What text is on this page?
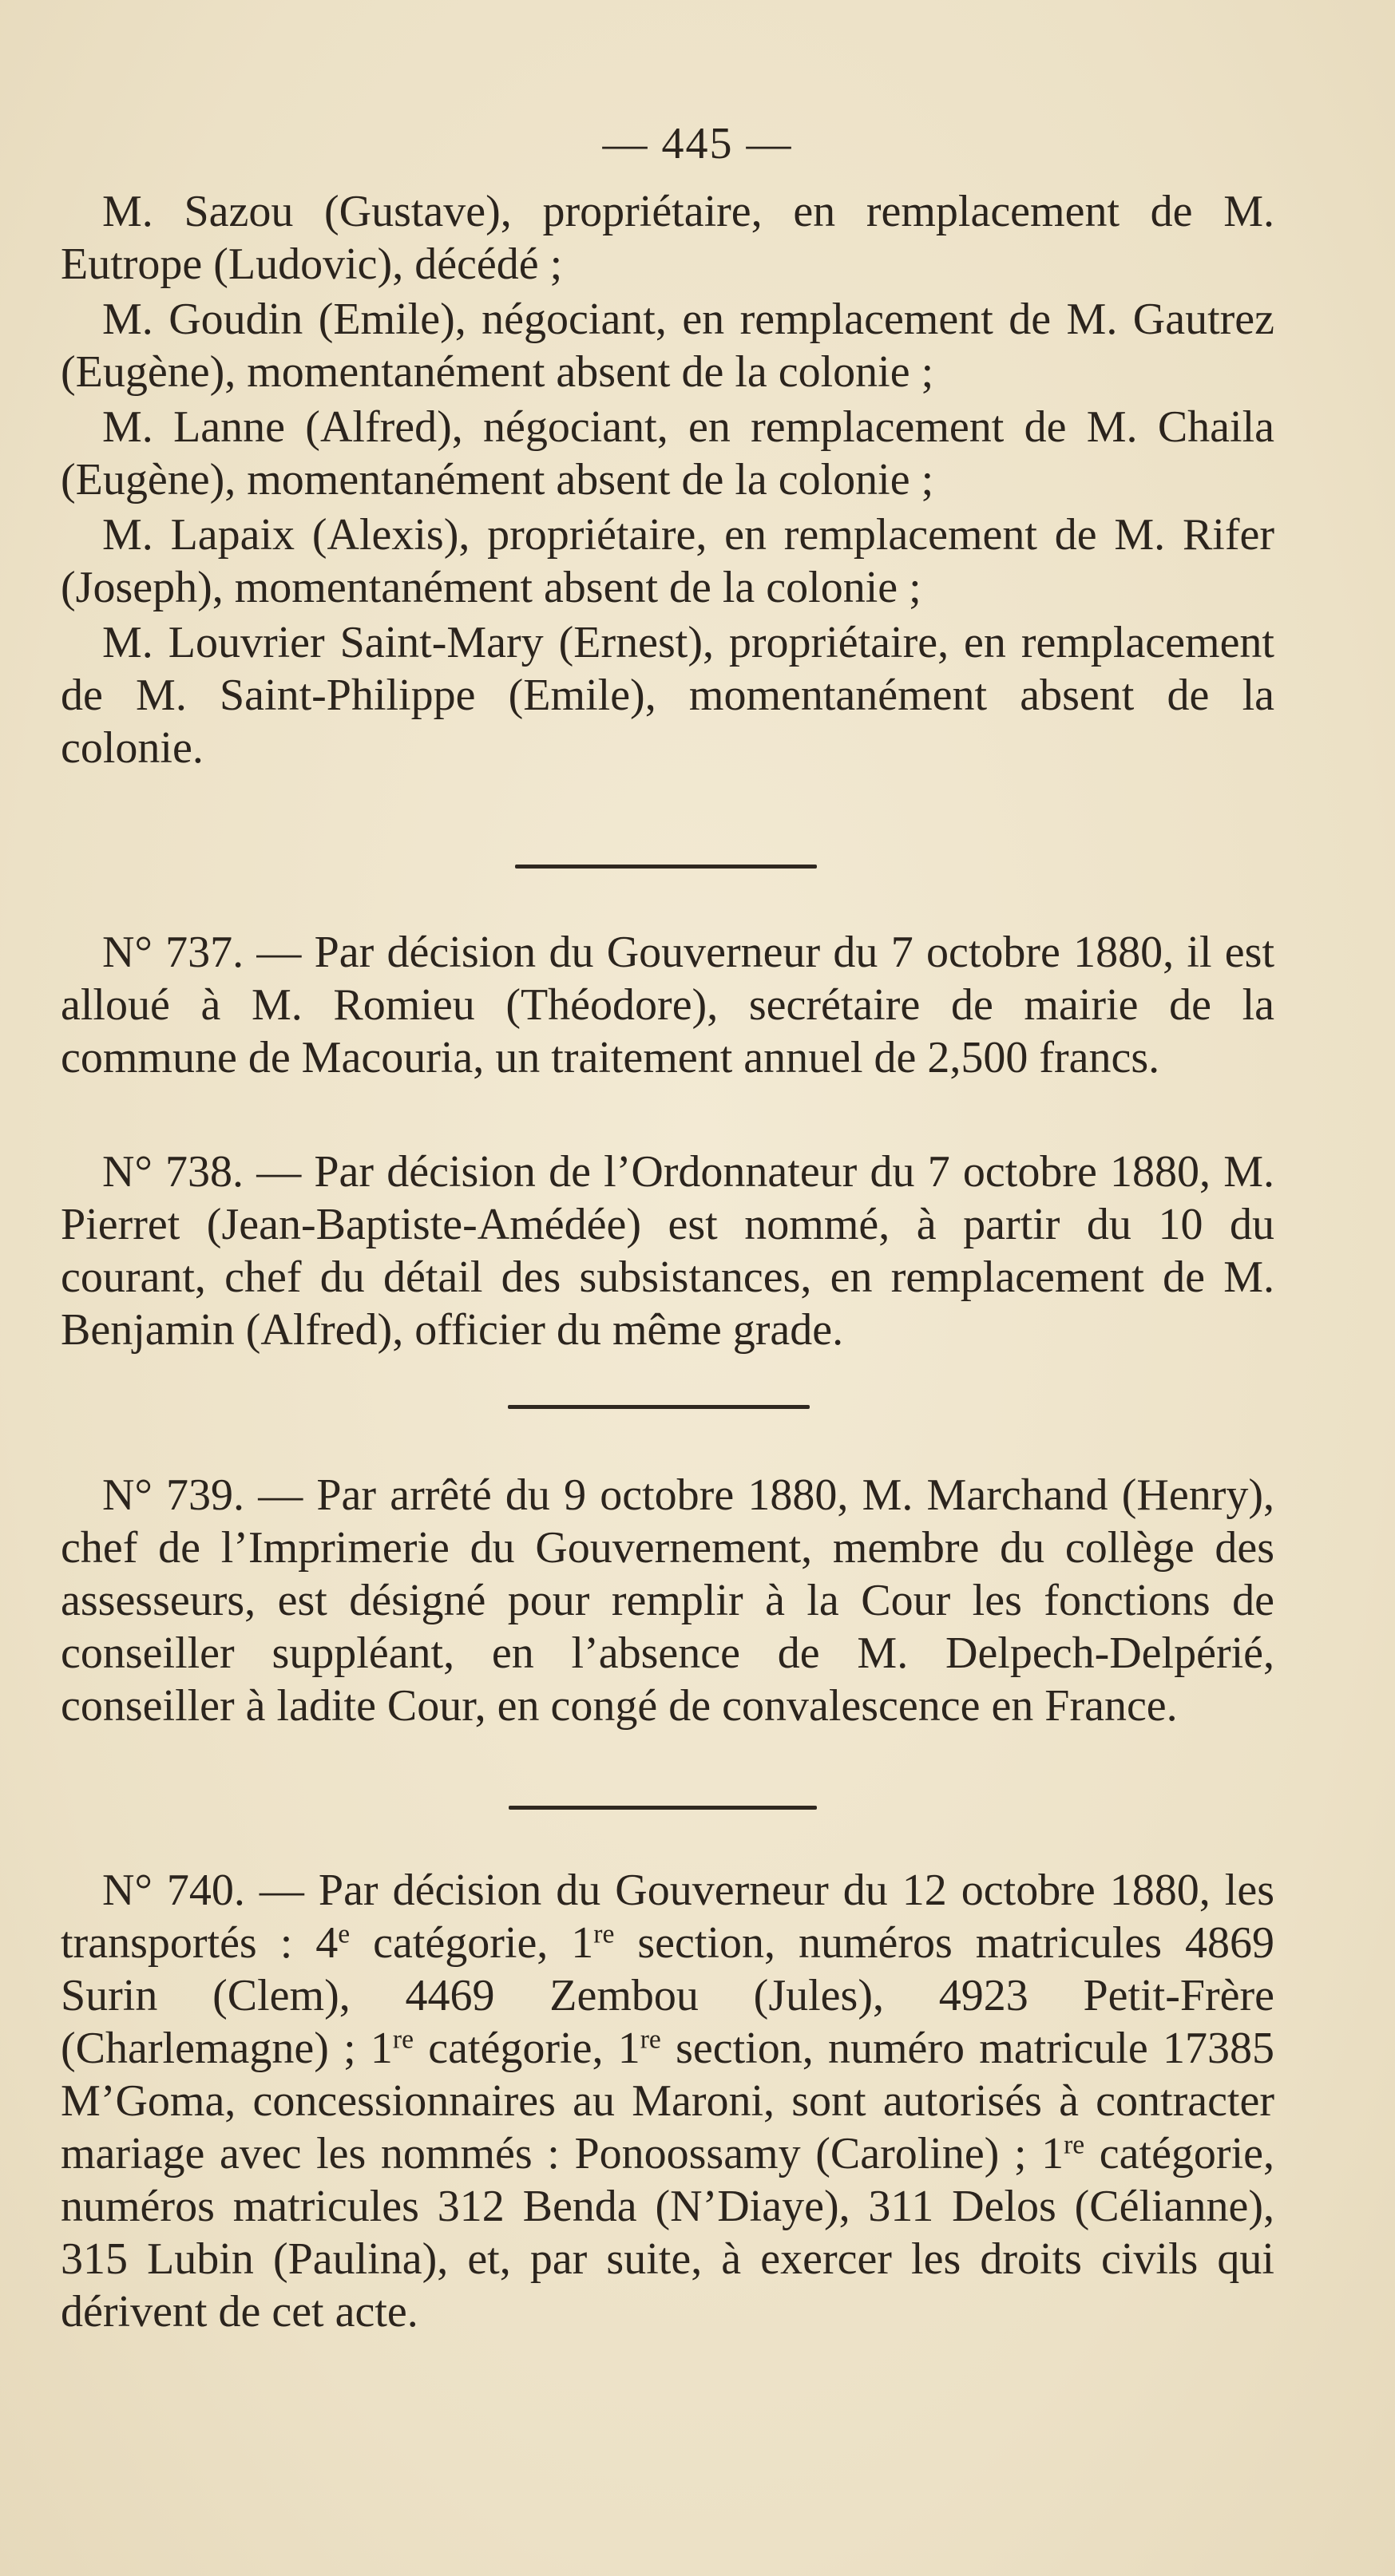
— 445 —

M. Sazou (Gustave), propriétaire, en remplacement de M. Eutrope (Ludovic), décédé ;

M. Goudin (Emile), négociant, en remplacement de M. Gautrez (Eugène), momentanément absent de la colonie ;

M. Lanne (Alfred), négociant, en remplacement de M. Chaila (Eugène), momentanément absent de la colonie ;

M. Lapaix (Alexis), propriétaire, en remplacement de M. Rifer (Joseph), momentanément absent de la colonie ;

M. Louvrier Saint-Mary (Ernest), propriétaire, en remplacement de M. Saint-Philippe (Emile), momentanément absent de la colonie.

N° 737. — Par décision du Gouverneur du 7 octobre 1880, il est alloué à M. Romieu (Théodore), secrétaire de mairie de la commune de Macouria, un traitement annuel de 2,500 francs.

N° 738. — Par décision de l’Ordonnateur du 7 octobre 1880, M. Pierret (Jean-Baptiste-Amédée) est nommé, à partir du 10 du courant, chef du détail des subsistances, en remplacement de M. Benjamin (Alfred), officier du même grade.

N° 739. — Par arrêté du 9 octobre 1880, M. Marchand (Henry), chef de l’Imprimerie du Gouvernement, membre du collège des assesseurs, est désigné pour remplir à la Cour les fonctions de conseiller suppléant, en l’absence de M. Delpech-Delpérié, conseiller à ladite Cour, en congé de convalescence en France.

N° 740. — Par décision du Gouverneur du 12 octobre 1880, les transportés : 4e catégorie, 1re section, numéros matricules 4869 Surin (Clem), 4469 Zembou (Jules), 4923 Petit-Frère (Charlemagne) ; 1re catégorie, 1re section, numéro matricule 17385 M’Goma, concessionnaires au Maroni, sont autorisés à contracter mariage avec les nommés : Ponoossamy (Caroline) ; 1re catégorie, numéros matricules 312 Benda (N’Diaye), 311 Delos (Célianne), 315 Lubin (Paulina), et, par suite, à exercer les droits civils qui dérivent de cet acte.
